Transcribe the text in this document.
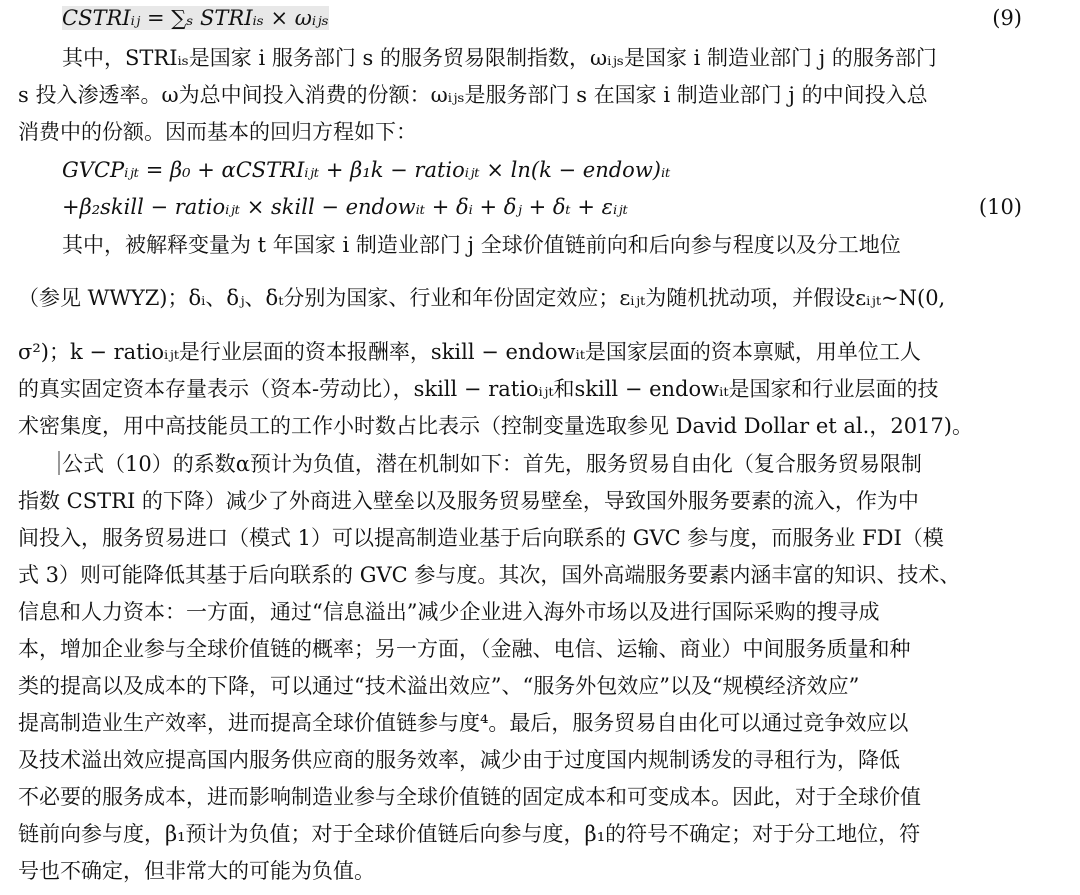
CSTRIᵢⱼ = ∑ₛ STRIᵢₛ × ωᵢⱼₛ	(9)
其中，STRIᵢₛ是国家 i 服务部门 s 的服务贸易限制指数，ωᵢⱼₛ是国家 i 制造业部门 j 的服务部门
s 投入渗透率。ω为总中间投入消费的份额：ωᵢⱼₛ是服务部门 s 在国家 i 制造业部门 j 的中间投入总
消费中的份额。因而基本的回归方程如下：
GVCPᵢⱼₜ = β₀ + αCSTRIᵢⱼₜ + β₁k − ratioᵢⱼₜ × ln(k − endow)ᵢₜ
+β₂skill − ratioᵢⱼₜ × skill − endowᵢₜ + δᵢ + δⱼ + δₜ + εᵢⱼₜ	(10)
其中，被解释变量为 t 年国家 i 制造业部门 j 全球价值链前向和后向参与程度以及分工地位
（参见 WWYZ)；δᵢ、δⱼ、δₜ分别为国家、行业和年份固定效应；εᵢⱼₜ为随机扰动项，并假设εᵢⱼₜ~N(0,
σ²)；k − ratioᵢⱼₜ是行业层面的资本报酬率，skill − endowᵢₜ是国家层面的资本禀赋，用单位工人
的真实固定资本存量表示（资本-劳动比），skill − ratioᵢⱼₜ和skill − endowᵢₜ是国家和行业层面的技
术密集度，用中高技能员工的工作小时数占比表示（控制变量选取参见 David Dollar et al.，2017)。
公式（10）的系数α预计为负值，潜在机制如下：首先，服务贸易自由化（复合服务贸易限制
指数 CSTRI 的下降）减少了外商进入壁垒以及服务贸易壁垒，导致国外服务要素的流入，作为中
间投入，服务贸易进口（模式 1）可以提高制造业基于后向联系的 GVC 参与度，而服务业 FDI（模
式 3）则可能降低其基于后向联系的 GVC 参与度。其次，国外高端服务要素内涵丰富的知识、技术、
信息和人力资本：一方面，通过“信息溢出”减少企业进入海外市场以及进行国际采购的搜寻成
本，增加企业参与全球价值链的概率；另一方面，（金融、电信、运输、商业）中间服务质量和种
类的提高以及成本的下降，可以通过“技术溢出效应”、“服务外包效应”以及“规模经济效应”
提高制造业生产效率，进而提高全球价值链参与度⁴。最后，服务贸易自由化可以通过竞争效应以
及技术溢出效应提高国内服务供应商的服务效率，减少由于过度国内规制诱发的寻租行为，降低
不必要的服务成本，进而影响制造业参与全球价值链的固定成本和可变成本。因此，对于全球价值
链前向参与度，β₁预计为负值；对于全球价值链后向参与度，β₁的符号不确定；对于分工地位，符
号也不确定，但非常大的可能为负值。
